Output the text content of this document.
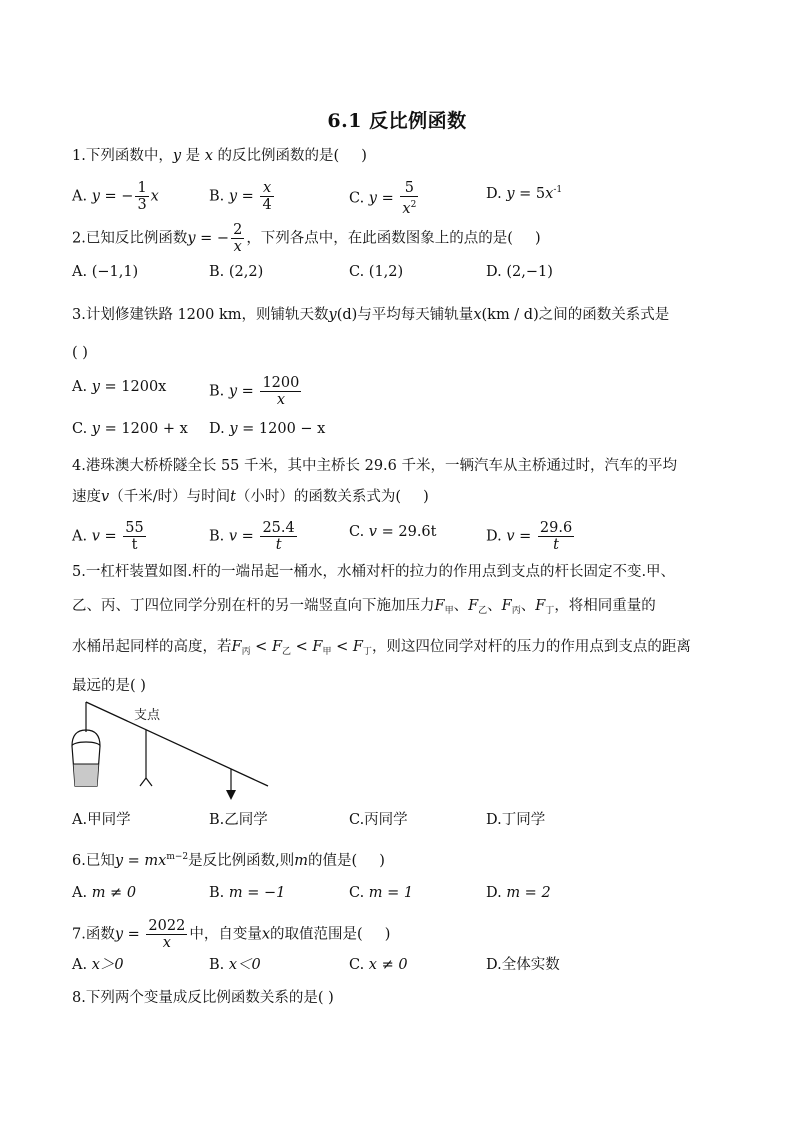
6.1 反比例函数
1.下列函数中，y 是 x 的反比例函数的是( )
A. y = − $\frac{1}{3}$ x	B. $y = \frac{x}{4}$	C. $y = \frac{5}{x^2}$	D. $y = 5x^{-1}$
2.已知反比例函数y = − $\frac{2}{x}$ ，下列各点中，在此函数图象上的点的是( )
A. (−1,1)	B. (2,2)	C. (1,2)	D. (2,−1)
3.计划修建铁路 1200 km，则铺轨天数y(d)与平均每天铺轨量x(km / d)之间的函数关系式是
( )
A. y = 1200x	B. $y = \frac{1200}{x}$
C. y = 1200 + x D. y = 1200 − x
4.港珠澳大桥桥隧全长 55 千米，其中主桥长 29.6 千米，一辆汽车从主桥通过时，汽车的平均
速度v（千米/时）与时间t（小时）的函数关系式为( )
A. $v = \frac{55}{t}$	B. $v = \frac{25.4}{t}$	C. v = 29.6t	D. $v = \frac{29.6}{t}$
5.一杠杆装置如图.杆的一端吊起一桶水，水桶对杆的拉力的作用点到支点的杆长固定不变.甲、
乙、丙、丁四位同学分别在杆的另一端竖直向下施加压力$F_甲$、$F_乙$、$F_丙$、$F_丁$，将相同重量的
水桶吊起同样的高度，若$F_丙 < F_乙 < F_甲 < F_丁$，则这四位同学对杆的压力的作用点到支点的距离
最远的是( )
支点
A.甲同学	B.乙同学	C.丙同学	D.丁同学
6.已知$y = mx^{m-2}$是反比例函数,则m的值是( )
A. m ≠ 0	B. m = −1	C. m = 1	D. m = 2
7.函数$y = \frac{2022}{x}$ 中，自变量x的取值范围是( )
A. x＞0	B. x＜0	C. x ≠ 0	D.全体实数
8.下列两个变量成反比例函数关系的是( )
